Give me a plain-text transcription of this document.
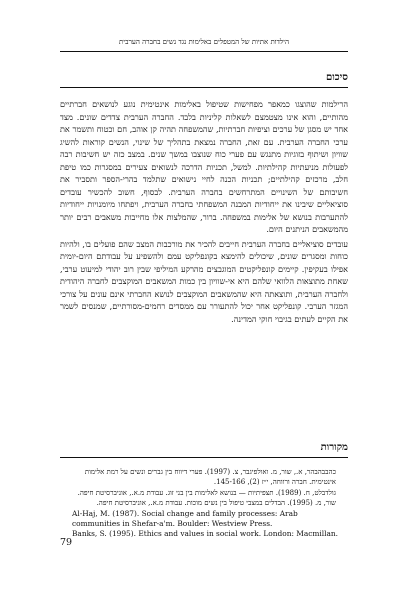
הילדות אתיות של המטפלים באלימות נגד נשים בחברה הערבית
סיכום

הרילמות שהוצגו כמאפר מפחישות שטיפול באלימות אינטימית נוגע לנושאים חברתיים מהותיים, והוא אינו מצטמצם לשאלות קליניות בלבד. החברה הערבית צדדים שונים. מצד אחד יש מסגן של ערכים וציפיות חברתיות, שהמשפחה תהיה קן אוהב, חם וכטוח ותשמר את ערכי החברה הערבית. עם זאת, החברה נמצאת בתהליך של שינוי, הנשים קוראות להשיג שוויון ושיתוף בזוגיות מתנגש עם פערי כוח שנוצבו במשך שנים. במצב כזה יש חשיבות רבה לפעולות מניעתיות קהילתיות. למשל, תכניות הדרכה לנשואים צעירים במסגרות כמו טיפת חלב, מרכזים קהילתיים; תכניות הכנה לחיי נישואים שתלמד בהרי-הספר ותסביר את חשיבותם של השינויים המתרחשים בחברה הערבית. לבסוף, חשוב להכשיר עובדים סוציאליים שיבינו את ייחודיות המבנה המשפחתי בחברה הערבית, ויפתחו מיומנויות ייחודיות להתערבות בנושא של אלימות במשפחה. ברור, שהמלצות אלו מחייבות משאבים רבים יותר מהמשאבים הניתנים היום.

עובדים סוציאליים בחברה הערבית חייבים להכיר את מורכבות המצב שהם פועלים בו, ולהיות כוחות ומסגרים שונים, שיכולים להימצא בקונפליקט עמם ולהשפיע על עבודתם היום-יומית אפילו בעקיפין. קיימים קונפליקטים המוגבצים מהרקע המיליפי שבין רוב יהודי למיעוט ערבי, שאחת מתוצאות הלוואי שלהם היא אי-שוויון בין כמות המשאבים המוקצבים לחברה היהודית ולחברה הערבית, ותוצאתה היא שהמשאבים המוקצבים לנושא החברתי אינם עונים על צורכי המגזר הערבי. קונפליקט אחר יכול להתעורר עם ממסדים רחמים-מסורתיים, שמנסים לשמר את הקיים לעתים בגיבוי חוקי המדינה.

מקורות

כהבבהבהר, א., שור, מ. ואולפיגבר, צ. (1997). פערי דיווח בין גברים ונשים על רמת אלימות אינטימית. חברה ורווחה, י״ז (2), 145-166.

גולדבלט, ח. (1989). תצפיתיות — בנושא לאלימות בין בני זוג. עבודת מ.א., אוניברסיטת חיפה.

שור, מ. (1995). הבדלים במצבי טיפול בין נשים מוכות. עבודת מ.א., אוניברסיטת חיפה.

Al-Haj, M. (1987). Social change and family processes: Arab communities in Shefar-a'm. Boulder: Westview Press.

Banks, S. (1995). Ethics and values in social work. London: Macmillan.

79
